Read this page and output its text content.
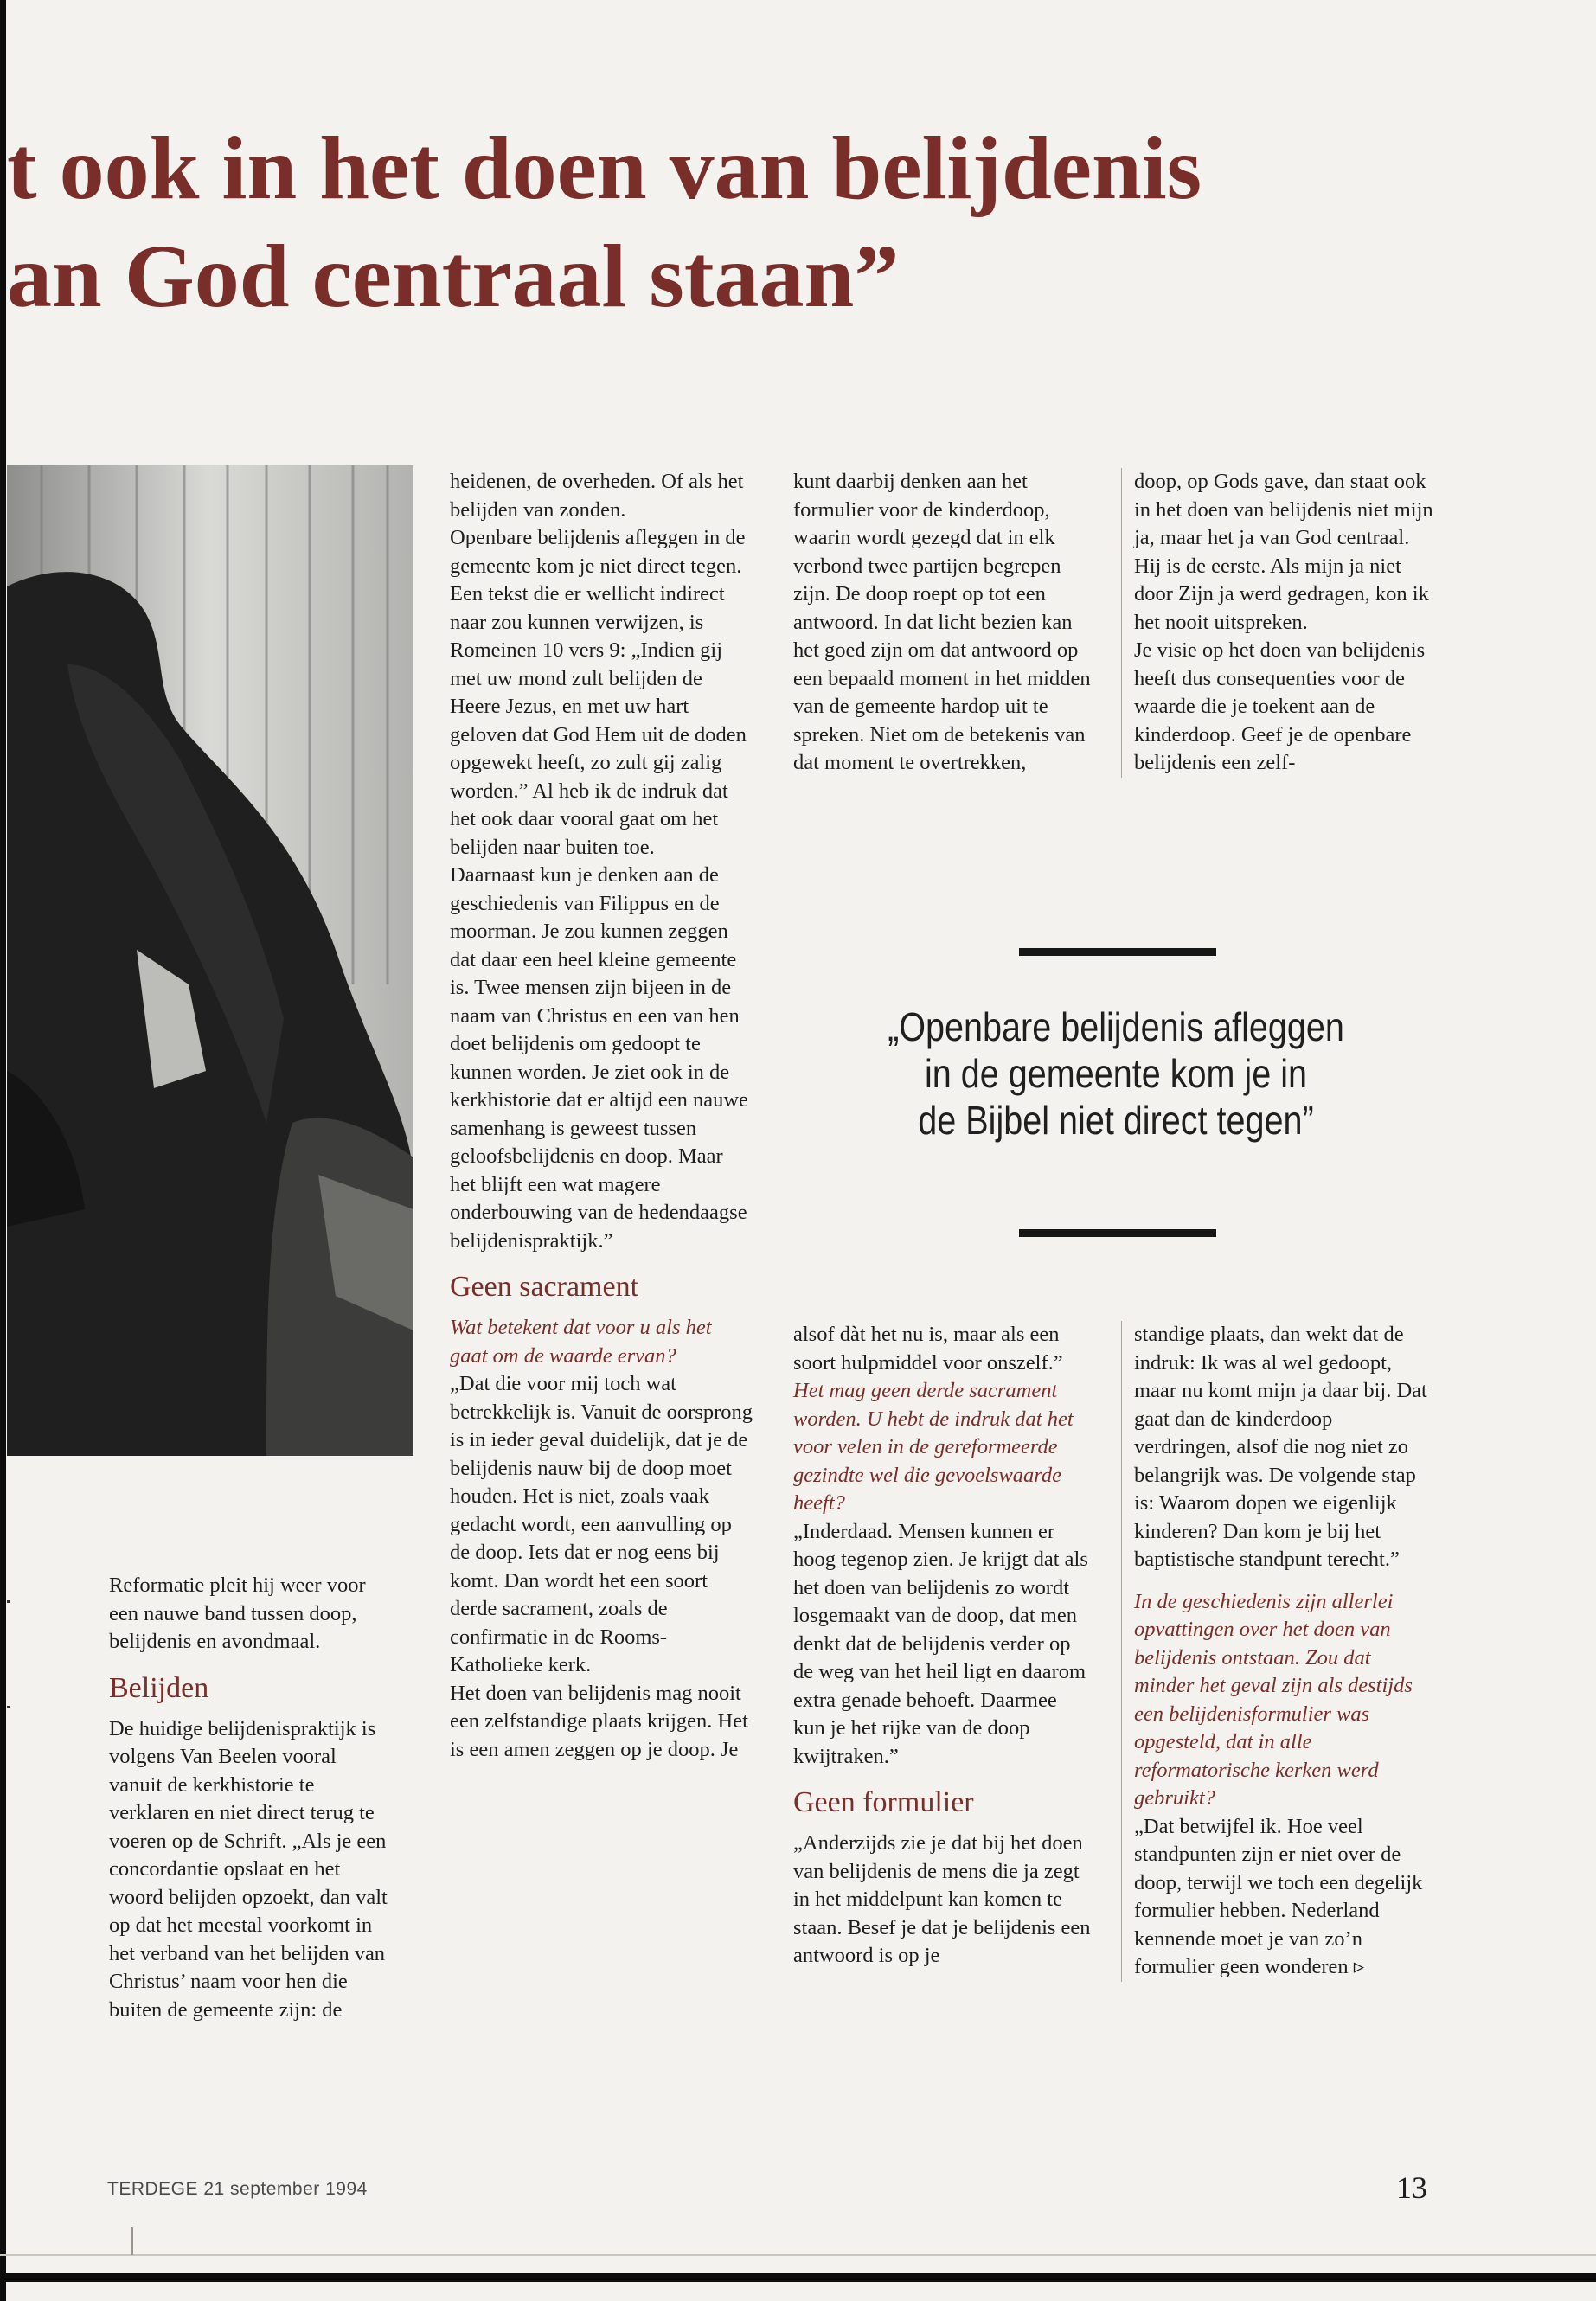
t ook in het doen van belijdenis
an God centraal staan”

Reformatie pleit hij weer voor een nauwe band tussen doop, belijdenis en avondmaal.

Belijden

De huidige belijdenispraktijk is volgens Van Beelen vooral vanuit de kerkhistorie te verklaren en niet direct terug te voeren op de Schrift. „Als je een concordantie opslaat en het woord belijden opzoekt, dan valt op dat het meestal voorkomt in het verband van het belijden van Christus’ naam voor hen die buiten de gemeente zijn: de

heidenen, de overheden. Of als het belijden van zonden.

Openbare belijdenis afleggen in de gemeente kom je niet direct tegen. Een tekst die er wellicht indirect naar zou kunnen verwijzen, is Romeinen 10 vers 9: „Indien gij met uw mond zult belijden de Heere Jezus, en met uw hart geloven dat God Hem uit de doden opgewekt heeft, zo zult gij zalig worden.” Al heb ik de indruk dat het ook daar vooral gaat om het belijden naar buiten toe.

Daarnaast kun je denken aan de geschiedenis van Filippus en de moorman. Je zou kunnen zeggen dat daar een heel kleine gemeente is. Twee mensen zijn bijeen in de naam van Christus en een van hen doet belijdenis om gedoopt te kunnen worden. Je ziet ook in de kerkhistorie dat er altijd een nauwe samenhang is geweest tussen geloofsbelijdenis en doop. Maar het blijft een wat magere onderbouwing van de hedendaagse belijdenispraktijk.”

Geen sacrament

Wat betekent dat voor u als het gaat om de waarde ervan?

„Dat die voor mij toch wat betrekkelijk is. Vanuit de oorsprong is in ieder geval duidelijk, dat je de belijdenis nauw bij de doop moet houden. Het is niet, zoals vaak gedacht wordt, een aanvulling op de doop. Iets dat er nog eens bij komt. Dan wordt het een soort derde sacrament, zoals de confirmatie in de Rooms-Katholieke kerk.

Het doen van belijdenis mag nooit een zelfstandige plaats krijgen. Het is een amen zeggen op je doop. Je

kunt daarbij denken aan het formulier voor de kinderdoop, waarin wordt gezegd dat in elk verbond twee partijen begrepen zijn. De doop roept op tot een antwoord. In dat licht bezien kan het goed zijn om dat antwoord op een bepaald moment in het midden van de gemeente hardop uit te spreken. Niet om de betekenis van dat moment te overtrekken,

doop, op Gods gave, dan staat ook in het doen van belijdenis niet mijn ja, maar het ja van God centraal. Hij is de eerste. Als mijn ja niet door Zijn ja werd gedragen, kon ik het nooit uitspreken.

Je visie op het doen van belijdenis heeft dus consequenties voor de waarde die je toekent aan de kinderdoop. Geef je de openbare belijdenis een zelf-

„Openbare belijdenis afleggen
in de gemeente kom je in
de Bijbel niet direct tegen”

alsof dàt het nu is, maar als een soort hulpmiddel voor onszelf.”

Het mag geen derde sacrament worden. U hebt de indruk dat het voor velen in de gereformeerde gezindte wel die gevoelswaarde heeft?

„Inderdaad. Mensen kunnen er hoog tegenop zien. Je krijgt dat als het doen van belijdenis zo wordt losgemaakt van de doop, dat men denkt dat de belijdenis verder op de weg van het heil ligt en daarom extra genade behoeft. Daarmee kun je het rijke van de doop kwijtraken.”

Geen formulier

„Anderzijds zie je dat bij het doen van belijdenis de mens die ja zegt in het middelpunt kan komen te staan. Besef je dat je belijdenis een antwoord is op je

standige plaats, dan wekt dat de indruk: Ik was al wel gedoopt, maar nu komt mijn ja daar bij. Dat gaat dan de kinderdoop verdringen, alsof die nog niet zo belangrijk was. De volgende stap is: Waarom dopen we eigenlijk kinderen? Dan kom je bij het baptistische standpunt terecht.”

In de geschiedenis zijn allerlei opvattingen over het doen van belijdenis ontstaan. Zou dat minder het geval zijn als destijds een belijdenisformulier was opgesteld, dat in alle reformatorische kerken werd gebruikt?

„Dat betwijfel ik. Hoe veel standpunten zijn er niet over de doop, terwijl we toch een degelijk formulier hebben. Nederland kennende moet je van zo’n formulier geen wonderen ▹

TERDEGE 21 september 1994	13
